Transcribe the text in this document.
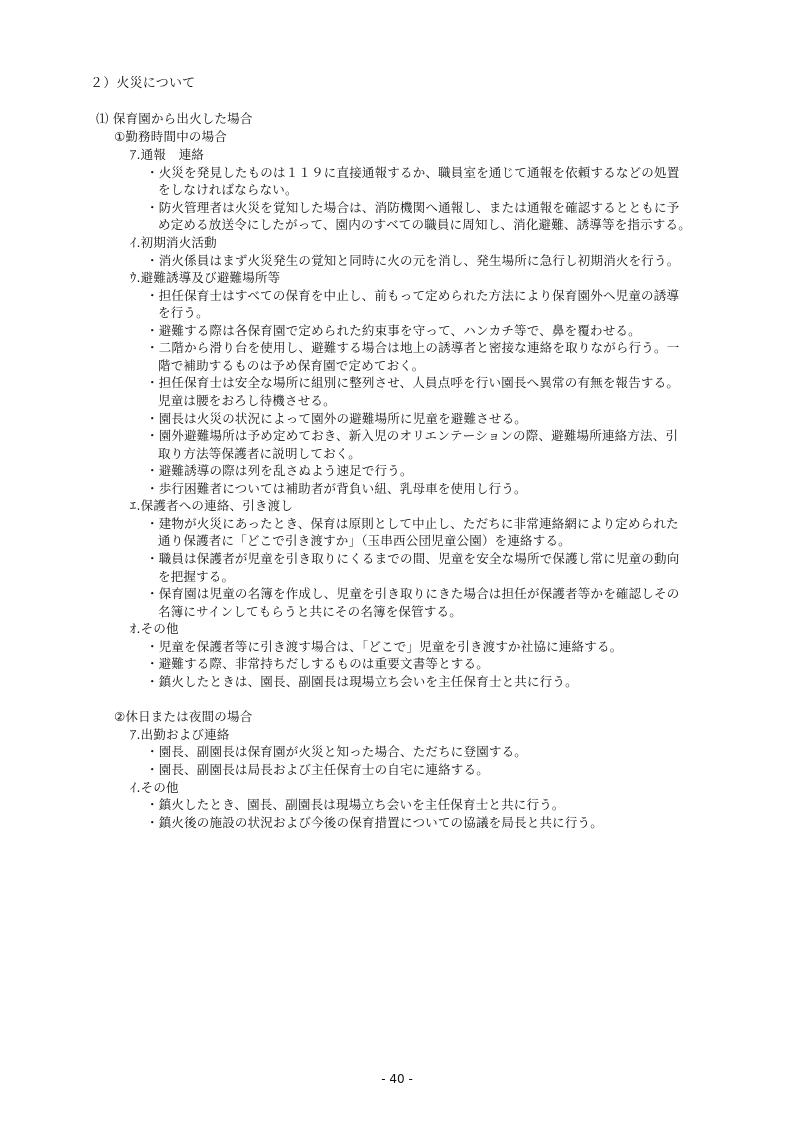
２）火災について
⑴ 保育園から出火した場合
①勤務時間中の場合
ｱ.通報　連絡
・火災を発見したものは１１９に直接通報するか、職員室を通じて通報を依頼するなどの処置
をしなければならない。
・防火管理者は火災を覚知した場合は、消防機関へ通報し、または通報を確認するとともに予
め定める放送令にしたがって、園内のすべての職員に周知し、消化避難、誘導等を指示する。
ｲ.初期消火活動
・消火係員はまず火災発生の覚知と同時に火の元を消し、発生場所に急行し初期消火を行う。
ｳ.避難誘導及び避難場所等
・担任保育士はすべての保育を中止し、前もって定められた方法により保育園外へ児童の誘導
を行う。
・避難する際は各保育園で定められた約束事を守って、ハンカチ等で、鼻を覆わせる。
・二階から滑り台を使用し、避難する場合は地上の誘導者と密接な連絡を取りながら行う。一
階で補助するものは予め保育園で定めておく。
・担任保育士は安全な場所に組別に整列させ、人員点呼を行い園長へ異常の有無を報告する。
児童は腰をおろし待機させる。
・園長は火災の状況によって園外の避難場所に児童を避難させる。
・園外避難場所は予め定めておき、新入児のオリエンテーションの際、避難場所連絡方法、引
取り方法等保護者に説明しておく。
・避難誘導の際は列を乱さぬよう速足で行う。
・歩行困難者については補助者が背負い紐、乳母車を使用し行う。
ｴ.保護者への連絡、引き渡し
・建物が火災にあったとき、保育は原則として中止し、ただちに非常連絡網により定められた
通り保護者に「どこで引き渡すか」（玉串西公団児童公園）を連絡する。
・職員は保護者が児童を引き取りにくるまでの間、児童を安全な場所で保護し常に児童の動向
を把握する。
・保育園は児童の名簿を作成し、児童を引き取りにきた場合は担任が保護者等かを確認しその
名簿にサインしてもらうと共にその名簿を保管する。
ｵ.その他
・児童を保護者等に引き渡す場合は、「どこで」児童を引き渡すか社協に連絡する。
・避難する際、非常持ちだしするものは重要文書等とする。
・鎮火したときは、園長、副園長は現場立ち会いを主任保育士と共に行う。
②休日または夜間の場合
ｱ.出勤および連絡
・園長、副園長は保育園が火災と知った場合、ただちに登園する。
・園長、副園長は局長および主任保育士の自宅に連絡する。
ｲ.その他
・鎮火したとき、園長、副園長は現場立ち会いを主任保育士と共に行う。
・鎮火後の施設の状況および今後の保育措置についての協議を局長と共に行う。
- 40 -
